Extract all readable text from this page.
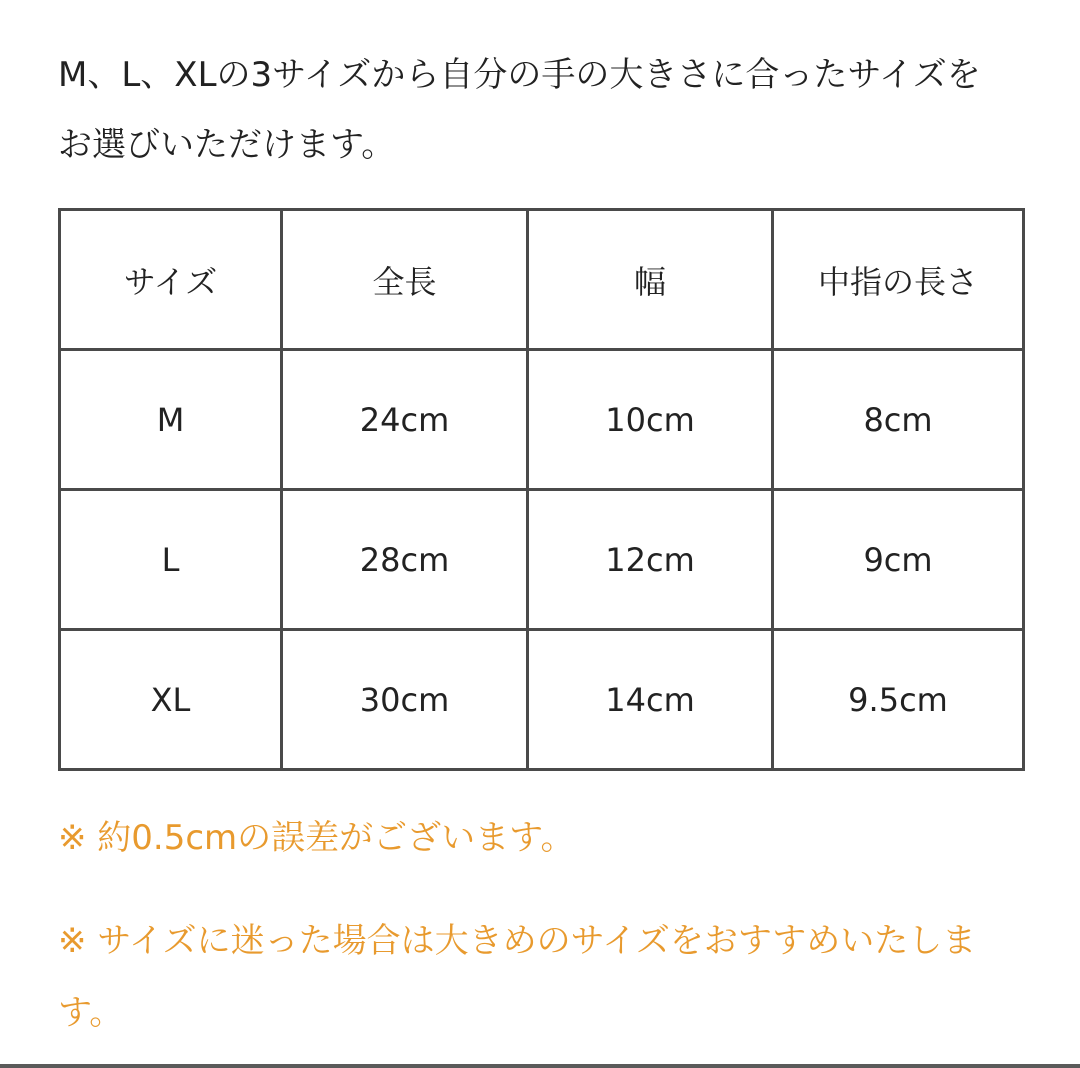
M、L、XLの3サイズから自分の手の大きさに合ったサイズを
お選びいただけます。

サイズ	全長	幅	中指の長さ
M	24cm	10cm	8cm
L	28cm	12cm	9cm
XL	30cm	14cm	9.5cm

※ 約0.5cmの誤差がございます。

※ サイズに迷った場合は大きめのサイズをおすすめいたしま
す。
